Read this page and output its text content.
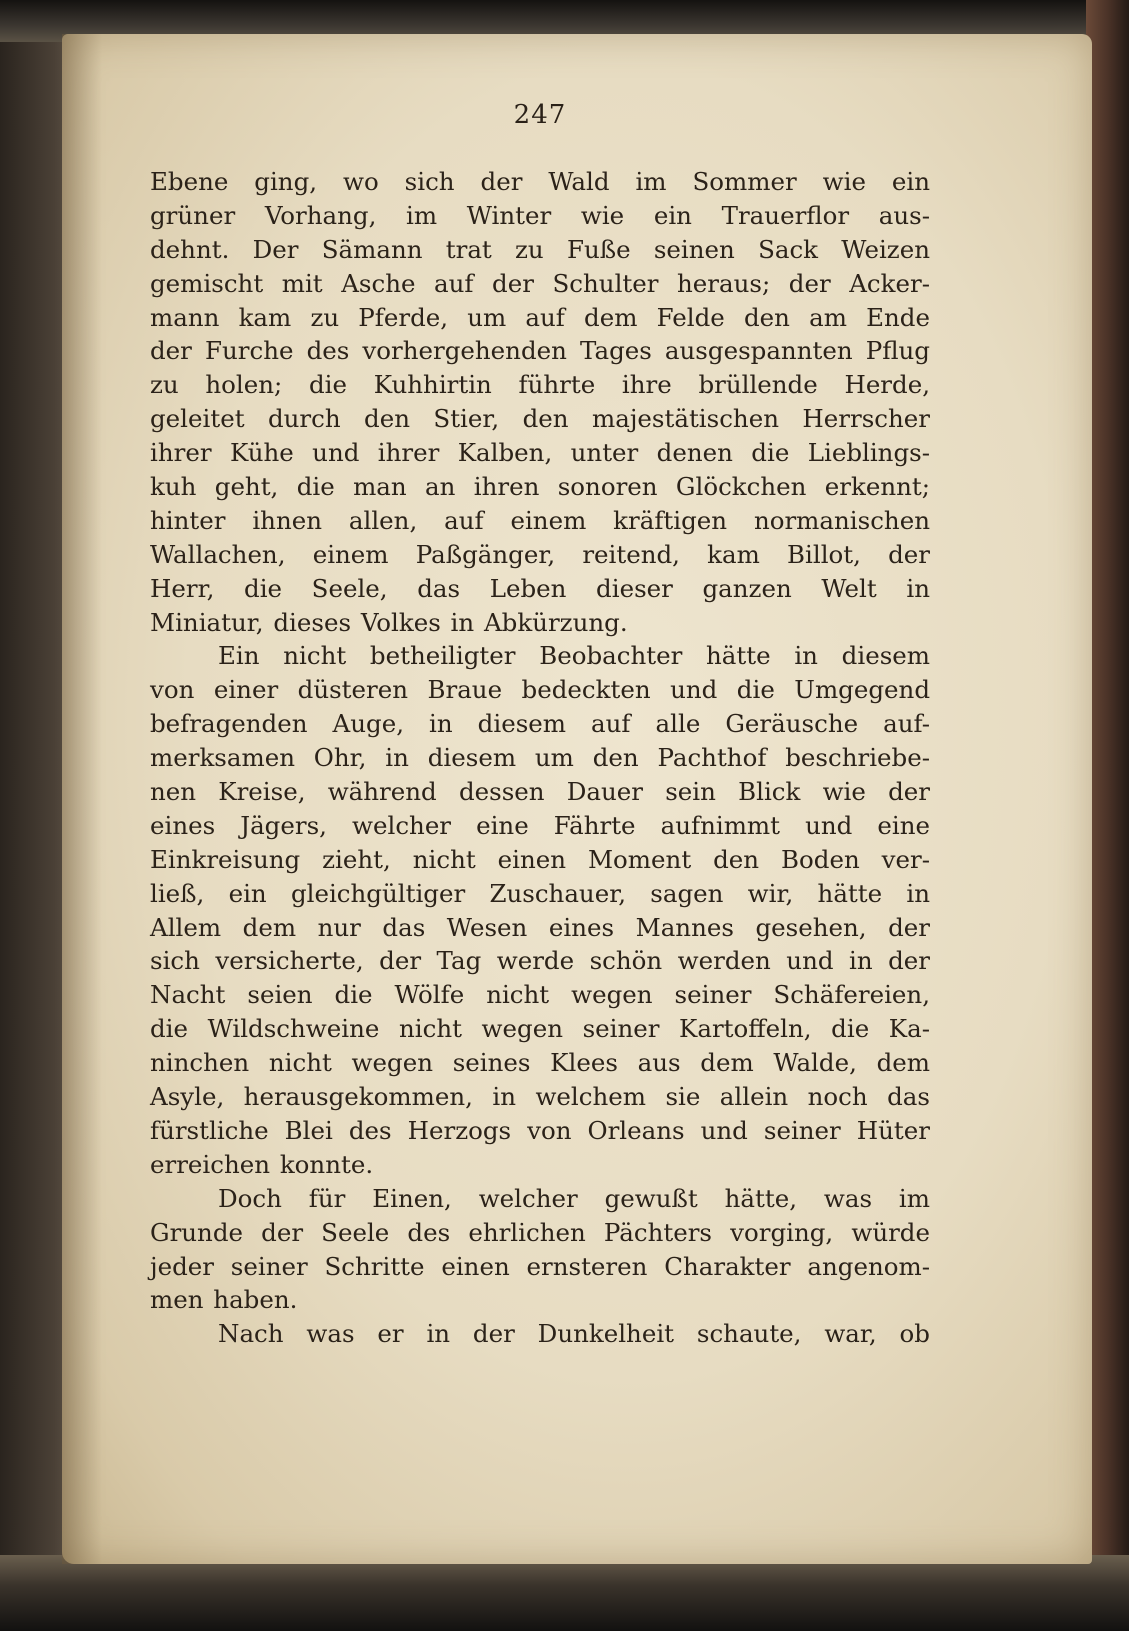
247
Ebene ging, wo sich der Wald im Sommer wie ein
grüner Vorhang, im Winter wie ein Trauerflor aus-
dehnt. Der Sämann trat zu Fuße seinen Sack Weizen
gemischt mit Asche auf der Schulter heraus; der Acker-
mann kam zu Pferde, um auf dem Felde den am Ende
der Furche des vorhergehenden Tages ausgespannten Pflug
zu holen; die Kuhhirtin führte ihre brüllende Herde,
geleitet durch den Stier, den majestätischen Herrscher
ihrer Kühe und ihrer Kalben, unter denen die Lieblings-
kuh geht, die man an ihren sonoren Glöckchen erkennt;
hinter ihnen allen, auf einem kräftigen normanischen
Wallachen, einem Paßgänger, reitend, kam Billot, der
Herr, die Seele, das Leben dieser ganzen Welt in
Miniatur, dieses Volkes in Abkürzung.
Ein nicht betheiligter Beobachter hätte in diesem
von einer düsteren Braue bedeckten und die Umgegend
befragenden Auge, in diesem auf alle Geräusche auf-
merksamen Ohr, in diesem um den Pachthof beschriebe-
nen Kreise, während dessen Dauer sein Blick wie der
eines Jägers, welcher eine Fährte aufnimmt und eine
Einkreisung zieht, nicht einen Moment den Boden ver-
ließ, ein gleichgültiger Zuschauer, sagen wir, hätte in
Allem dem nur das Wesen eines Mannes gesehen, der
sich versicherte, der Tag werde schön werden und in der
Nacht seien die Wölfe nicht wegen seiner Schäfereien,
die Wildschweine nicht wegen seiner Kartoffeln, die Ka-
ninchen nicht wegen seines Klees aus dem Walde, dem
Asyle, herausgekommen, in welchem sie allein noch das
fürstliche Blei des Herzogs von Orleans und seiner Hüter
erreichen konnte.
Doch für Einen, welcher gewußt hätte, was im
Grunde der Seele des ehrlichen Pächters vorging, würde
jeder seiner Schritte einen ernsteren Charakter angenom-
men haben.
Nach was er in der Dunkelheit schaute, war, ob
